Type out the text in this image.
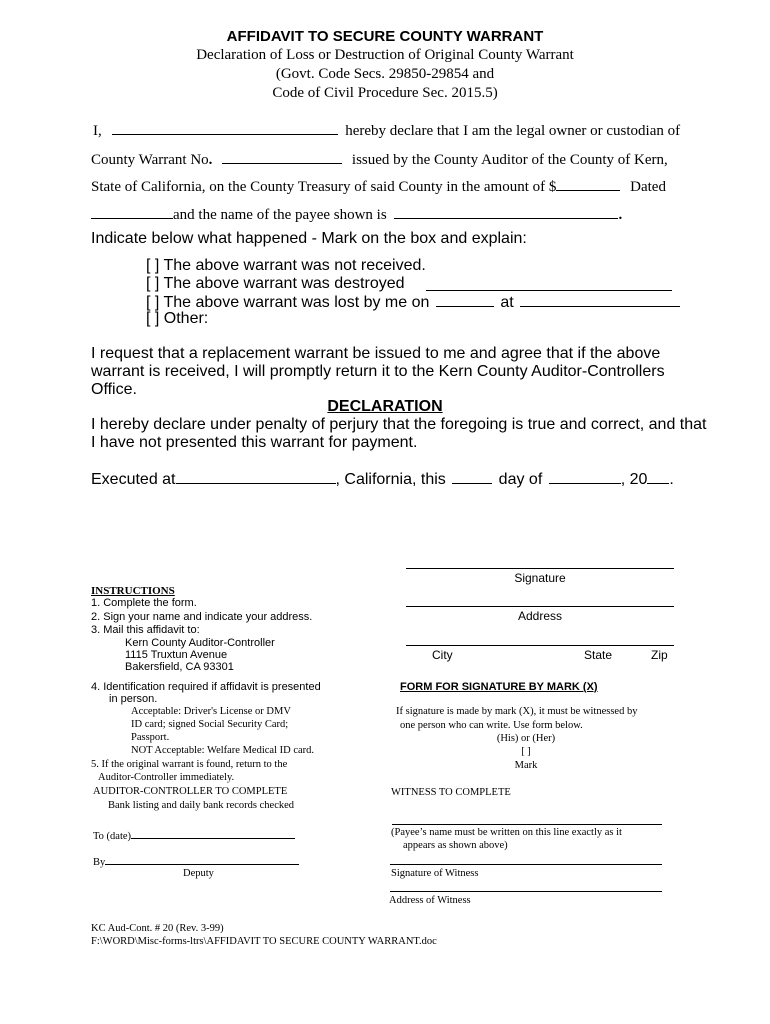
AFFIDAVIT TO SECURE COUNTY WARRANT
Declaration of Loss or Destruction of Original County Warrant
(Govt. Code Secs. 29850-29854 and
Code of Civil Procedure Sec. 2015.5)
I,	hereby declare that I am the legal owner or custodian of
County Warrant No.	issued by the County Auditor of the County of Kern,
State of California, on the County Treasury of said County in the amount of $	Dated
and the name of the payee shown is	.
Indicate below what happened - Mark on the box and explain:
[ ] The above warrant was not received.
[ ] The above warrant was destroyed
[ ] The above warrant was lost by me on	at
[ ] Other:
I request that a replacement warrant be issued to me and agree that if the above
warrant is received, I will promptly return it to the Kern County Auditor-Controllers
Office.
DECLARATION
I hereby declare under penalty of perjury that the foregoing is true and correct, and that
I have not presented this warrant for payment.
Executed at	, California, this	day of	, 20 .
Signature
Address
City	State	Zip
INSTRUCTIONS
1. Complete the form.
2. Sign your name and indicate your address.
3. Mail this affidavit to:
Kern County Auditor-Controller
1115 Truxtun Avenue
Bakersfield, CA 93301
4. Identification required if affidavit is presented
in person.
Acceptable: Driver's License or DMV
ID card; signed Social Security Card;
Passport.
NOT Acceptable: Welfare Medical ID card.
5. If the original warrant is found, return to the
Auditor-Controller immediately.
AUDITOR-CONTROLLER TO COMPLETE
Bank listing and daily bank records checked
To (date)
By
Deputy
FORM FOR SIGNATURE BY MARK (X)
If signature is made by mark (X), it must be witnessed by
one person who can write. Use form below.
(His) or (Her)
[ ]
Mark
WITNESS TO COMPLETE
(Payee’s name must be written on this line exactly as it
appears as shown above)
Signature of Witness
Address of Witness
KC Aud-Cont. # 20 (Rev. 3-99)
F:\WORD\Misc-forms-ltrs\AFFIDAVIT TO SECURE COUNTY WARRANT.doc
